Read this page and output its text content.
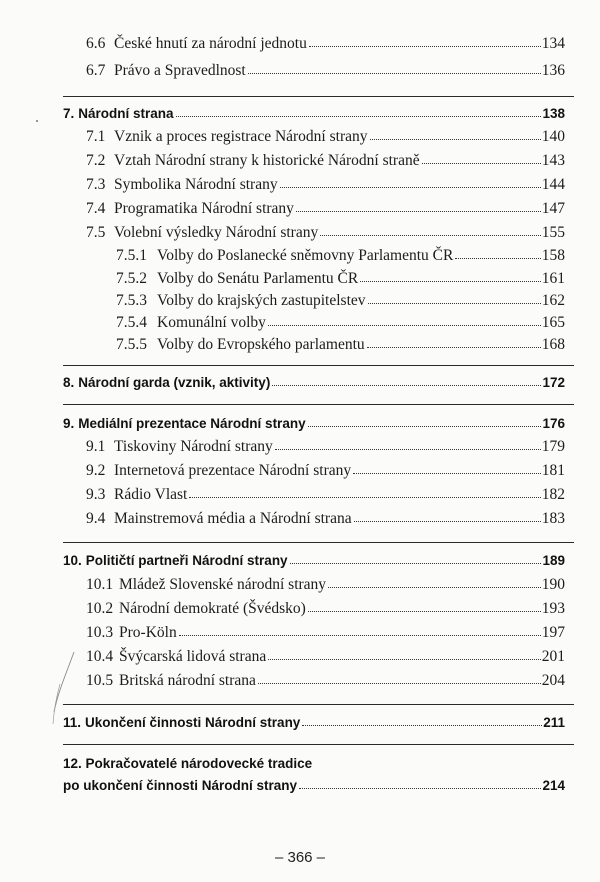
6.6 České hnutí za národní jednotu	134
6.7 Právo a Spravedlnost	136
7. Národní strana	138
7.1 Vznik a proces registrace Národní strany	140
7.2 Vztah Národní strany k historické Národní straně	143
7.3 Symbolika Národní strany	144
7.4 Programatika Národní strany	147
7.5 Volební výsledky Národní strany	155
7.5.1 Volby do Poslanecké sněmovny Parlamentu ČR	158
7.5.2 Volby do Senátu Parlamentu ČR	161
7.5.3 Volby do krajských zastupitelstev	162
7.5.4 Komunální volby	165
7.5.5 Volby do Evropského parlamentu	168
8. Národní garda (vznik, aktivity)	172
9. Mediální prezentace Národní strany	176
9.1 Tiskoviny Národní strany	179
9.2 Internetová prezentace Národní strany	181
9.3 Rádio Vlast	182
9.4 Mainstremová média a Národní strana	183
10. Političtí partneři Národní strany	189
10.1 Mládež Slovenské národní strany	190
10.2 Národní demokraté (Švédsko)	193
10.3 Pro-Köln	197
10.4 Švýcarská lidová strana	201
10.5 Britská národní strana	204
11. Ukončení činnosti Národní strany	211
12. Pokračovatelé národovecké tradice
po ukončení činnosti Národní strany	214
– 366 –
